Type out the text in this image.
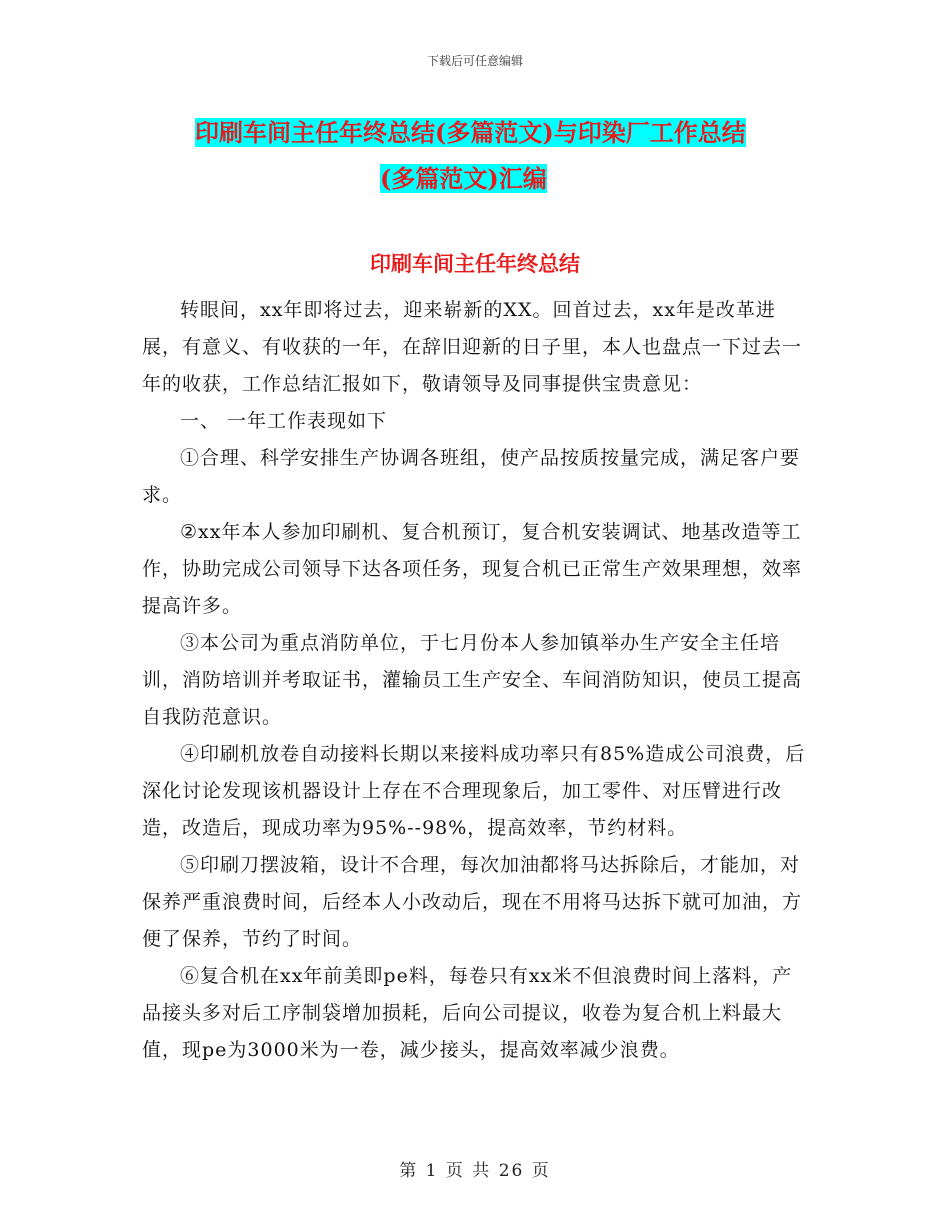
下载后可任意编辑
印刷车间主任年终总结(多篇范文)与印染厂工作总结
(多篇范文)汇编
印刷车间主任年终总结

转眼间，xx年即将过去，迎来崭新的XX。回首过去，xx年是改革进展，有意义、有收获的一年，在辞旧迎新的日子里，本人也盘点一下过去一年的收获，工作总结汇报如下，敬请领导及同事提供宝贵意见：

一、 一年工作表现如下

①合理、科学安排生产协调各班组，使产品按质按量完成，满足客户要求。

②xx年本人参加印刷机、复合机预订，复合机安装调试、地基改造等工作，协助完成公司领导下达各项任务，现复合机已正常生产效果理想，效率提高许多。

③本公司为重点消防单位，于七月份本人参加镇举办生产安全主任培训，消防培训并考取证书，灌输员工生产安全、车间消防知识，使员工提高自我防范意识。

④印刷机放卷自动接料长期以来接料成功率只有85%造成公司浪费，后深化讨论发现该机器设计上存在不合理现象后，加工零件、对压臂进行改造，改造后，现成功率为95%--98%，提高效率，节约材料。

⑤印刷刀摆波箱，设计不合理，每次加油都将马达拆除后，才能加，对保养严重浪费时间，后经本人小改动后，现在不用将马达拆下就可加油，方便了保养，节约了时间。

⑥复合机在xx年前美即pe料，每卷只有xx米不但浪费时间上落料，产品接头多对后工序制袋增加损耗，后向公司提议，收卷为复合机上料最大值，现pe为3000米为一卷，减少接头，提高效率减少浪费。

第 1 页 共 26 页
